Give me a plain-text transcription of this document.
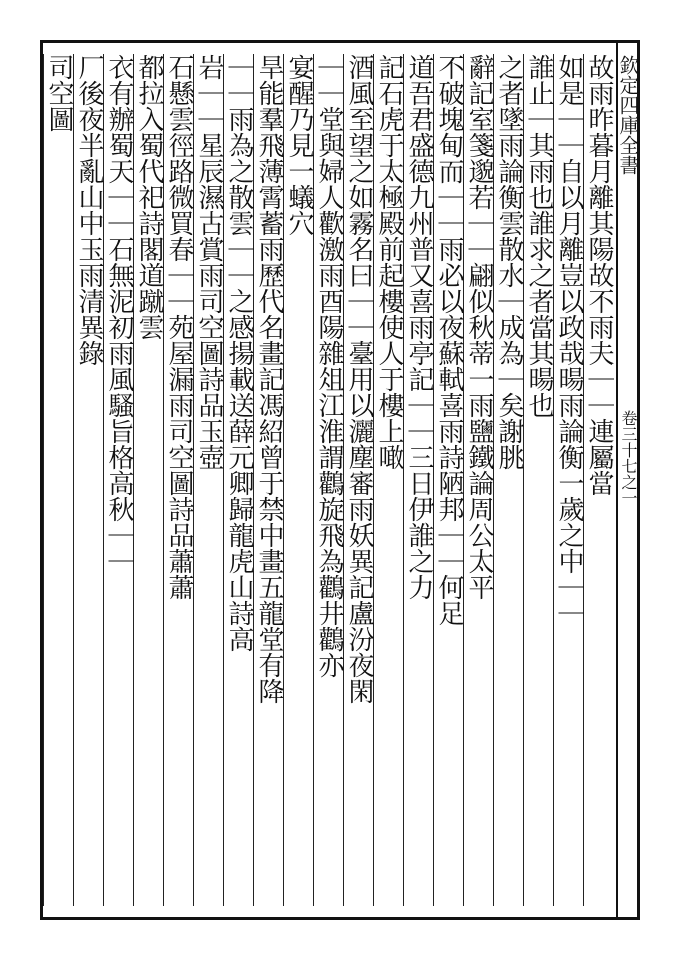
欽定四庫全書
卷三十七之一
故雨昨暮月離其陽故不雨夫｜｜連屬當
如是｜｜自以月離豈以政哉暘雨論衡一歲之中｜｜
誰止｜其雨也誰求之者當其暘也
之者墜雨論衡雲散水｜成為｜矣謝朓
辭記室箋邈若｜｜翩似秋蒂一雨鹽鐵論周公太平
不破塊甸而｜｜雨必以夜蘇軾喜雨詩陋邦｜｜何足
道吾君盛德九州普又喜雨亭記｜｜三日伊誰之力
記石虎于太極殿前起樓使人于樓上噉
酒風至望之如霧名曰｜｜臺用以灑塵審雨妖異記盧汾夜閑
｜｜堂與婦人歡激雨酉陽雜俎江淮謂鸛旋飛為鸛井鸛亦
宴醒乃見一蟻穴
旱能羣飛薄霄蓄雨歷代名畫記馮紹曾于禁中畫五龍堂有降
｜｜雨為之散雲｜｜之感揚載送薛元卿歸龍虎山詩高
岩｜｜星辰濕古賞雨司空圖詩品玉壺
石懸雲徑路微買春｜｜苑屋漏雨司空圖詩品蕭蕭
都拉入蜀代祀詩閣道蹴雲
衣有辦蜀天｜｜石無泥初雨風騷旨格高秋｜｜
厂後夜半亂山中玉雨清異錄
司空圖
